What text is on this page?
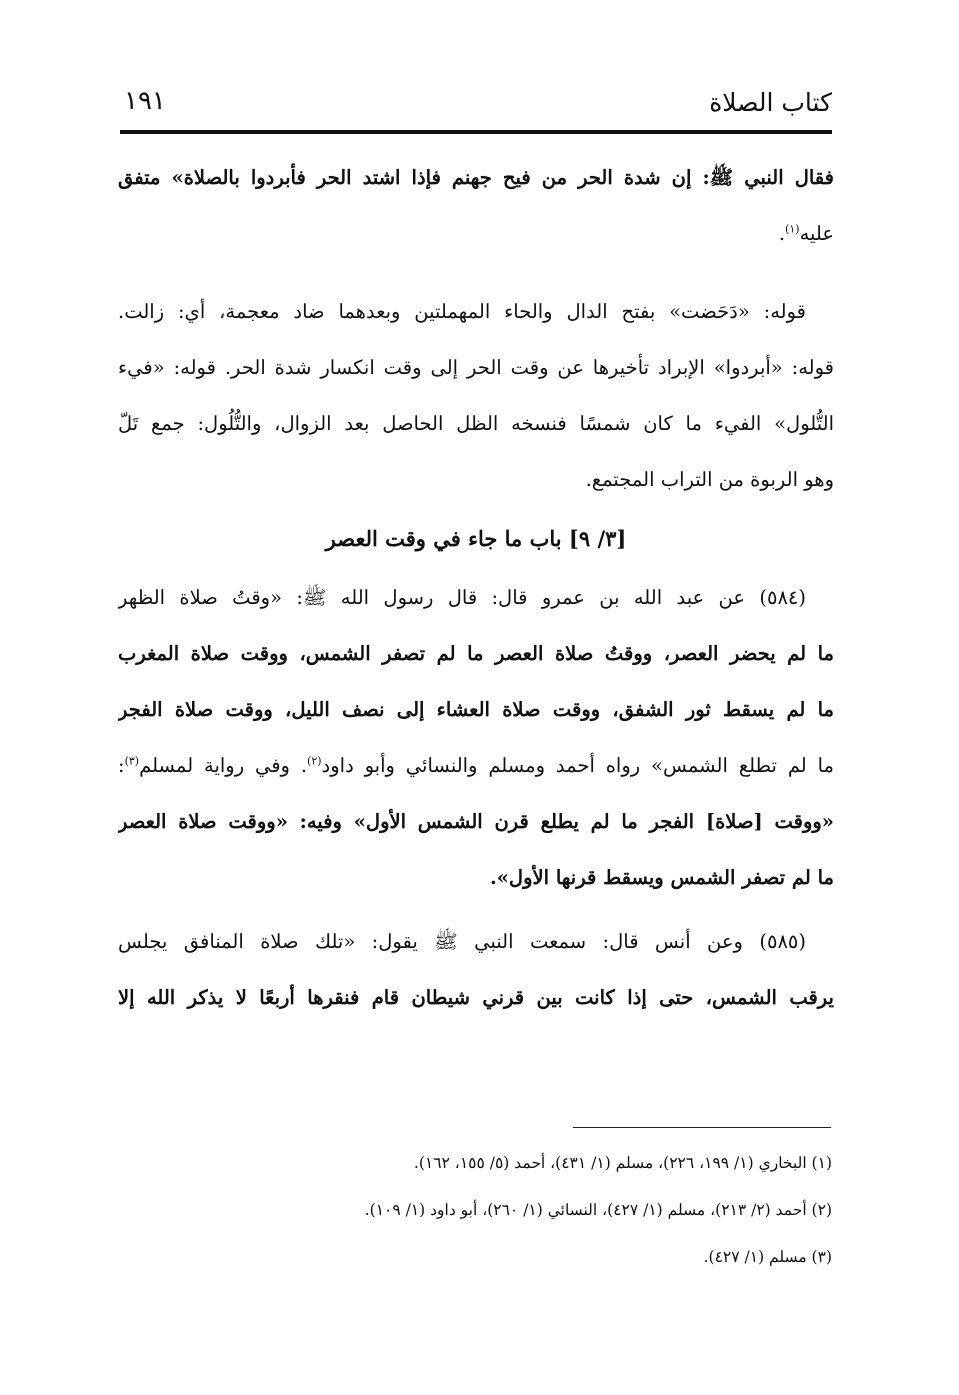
كتاب الصلاة
١٩١
فقال النبي ﷺ: إن شدة الحر من فيح جهنم فإذا اشتد الحر فأبردوا بالصلاة» متفق
عليه$^{(١)}$.
قوله: «دَحَضت» بفتح الدال والحاء المهملتين وبعدهما ضاد معجمة، أي: زالت.
قوله: «أبردوا» الإبراد تأخيرها عن وقت الحر إلى وقت انكسار شدة الحر. قوله: «فيء
التُّلول» الفيء ما كان شمسًا فنسخه الظل الحاصل بعد الزوال، والتُّلُول: جمع تَلّ
وهو الربوة من التراب المجتمع.
[٣/ ٩] باب ما جاء في وقت العصر
(٥٨٤) عن عبد الله بن عمرو قال: قال رسول الله ﷺ: «وقتُ صلاة الظهر
ما لم يحضر العصر، ووقتُ صلاة العصر ما لم تصفر الشمس، ووقت صلاة المغرب
ما لم يسقط ثور الشفق، ووقت صلاة العشاء إلى نصف الليل، ووقت صلاة الفجر
ما لم تطلع الشمس» رواه أحمد ومسلم والنسائي وأبو داود$^{(٢)}$. وفي رواية لمسلم$^{(٣)}$:
«ووقت [صلاة] الفجر ما لم يطلع قرن الشمس الأول» وفيه: «ووقت صلاة العصر
ما لم تصفر الشمس ويسقط قرنها الأول».
(٥٨٥) وعن أنس قال: سمعت النبي ﷺ يقول: «تلك صلاة المنافق يجلس
يرقب الشمس، حتى إذا كانت بين قرني شيطان قام فنقرها أربعًا لا يذكر الله إلا
(١) البخاري (١/ ١٩٩، ٢٢٦)، مسلم (١/ ٤٣١)، أحمد (٥/ ١٥٥، ١٦٢).
(٢) أحمد (٢/ ٢١٣)، مسلم (١/ ٤٢٧)، النسائي (١/ ٢٦٠)، أبو داود (١/ ١٠٩).
(٣) مسلم (١/ ٤٢٧).
